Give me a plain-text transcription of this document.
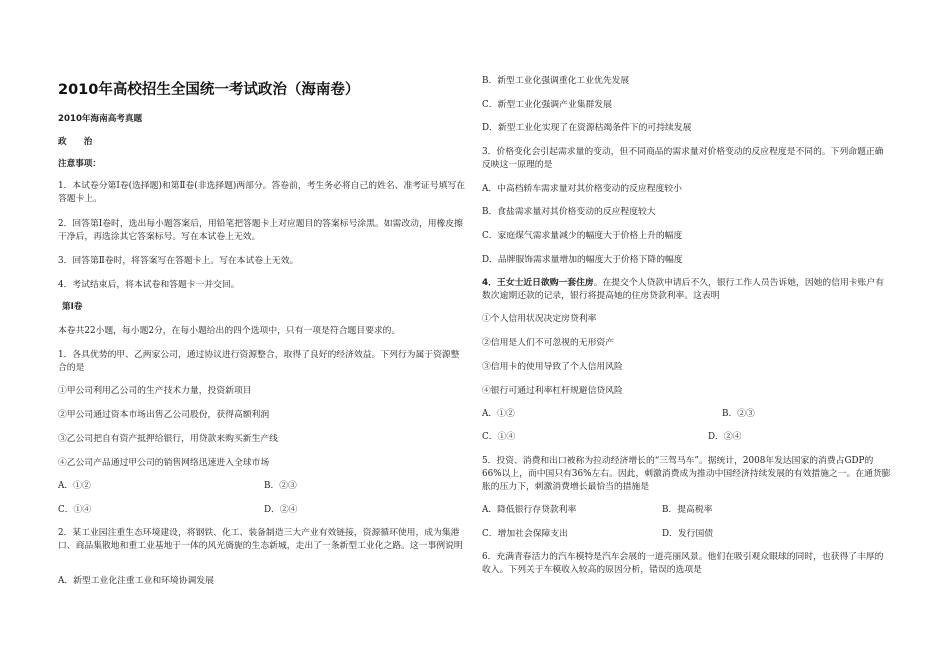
2010年高校招生全国统一考试政治（海南卷）
2010年海南高考真题
政　　治
注意事项：
1．本试卷分第Ⅰ卷(选择题)和第Ⅱ卷(非选择题)两部分。答卷前，考生务必将自己的姓名、准考证号填写在答题卡上。
2．回答第Ⅰ卷时，选出每小题答案后，用铅笔把答题卡上对应题目的答案标号涂黑。如需改动，用橡皮擦干净后，再选涂其它答案标号。写在本试卷上无效。
3．回答第Ⅱ卷时，将答案写在答题卡上。写在本试卷上无效。
4．考试结束后，将本试卷和答题卡一并交回。
第Ⅰ卷
本卷共22小题，每小题2分，在每小题给出的四个选项中，只有一项是符合题目要求的。
1．各具优势的甲、乙两家公司，通过协议进行资源整合，取得了良好的经济效益。下列行为属于资源整合的是
①甲公司利用乙公司的生产技术力量，投资新项目
②甲公司通过资本市场出售乙公司股份，获得高额利润
③乙公司把自有资产抵押给银行，用贷款来购买新生产线
④乙公司产品通过甲公司的销售网络迅速进入全球市场
A．①②	B．②③
C．①④	D．②④
2．某工业园注重生态环境建设，将钢铁、化工、装备制造三大产业有效链接，资源循环使用，成为集港口、商品集散地和重工业基地于一体的风光旖旎的生态新城，走出了一条新型工业化之路。这一事例说明
A．新型工业化注重工业和环境协调发展
B．新型工业化强调重化工业优先发展
C．新型工业化强调产业集群发展
D．新型工业化实现了在资源枯竭条件下的可持续发展
3．价格变化会引起需求量的变动，但不同商品的需求量对价格变动的反应程度是不同的。下列命题正确反映这一原理的是
A．中高档轿车需求量对其价格变动的反应程度较小
B．食盐需求量对其价格变动的反应程度较大
C．家庭煤气需求量减少的幅度大于价格上升的幅度
D．品牌服饰需求量增加的幅度大于价格下降的幅度
4．王女士近日欲购一套住房。在提交个人贷款申请后不久，银行工作人员告诉她，因她的信用卡账户有数次逾期还款的记录，银行将提高她的住房贷款利率。这表明
①个人信用状况决定房贷利率
②信用是人们不可忽视的无形资产
③信用卡的使用导致了个人信用风险
④银行可通过利率杠杆规避信贷风险
A．①②	B．②③
C．①④	D．②④
5．投资、消费和出口被称为拉动经济增长的“三驾马车”。据统计，2008年发达国家的消费占GDP的66%以上，而中国只有36%左右。因此，刺激消费成为推动中国经济持续发展的有效措施之一。在通货膨胀的压力下，刺激消费增长最恰当的措施是
A．降低银行存贷款利率	B．提高税率
C．增加社会保障支出	D．发行国债
6．充满青春活力的汽车模特是汽车会展的一道亮丽风景。他们在吸引观众眼球的同时，也获得了丰厚的收入。下列关于车模收入较高的原因分析，错误的选项是
